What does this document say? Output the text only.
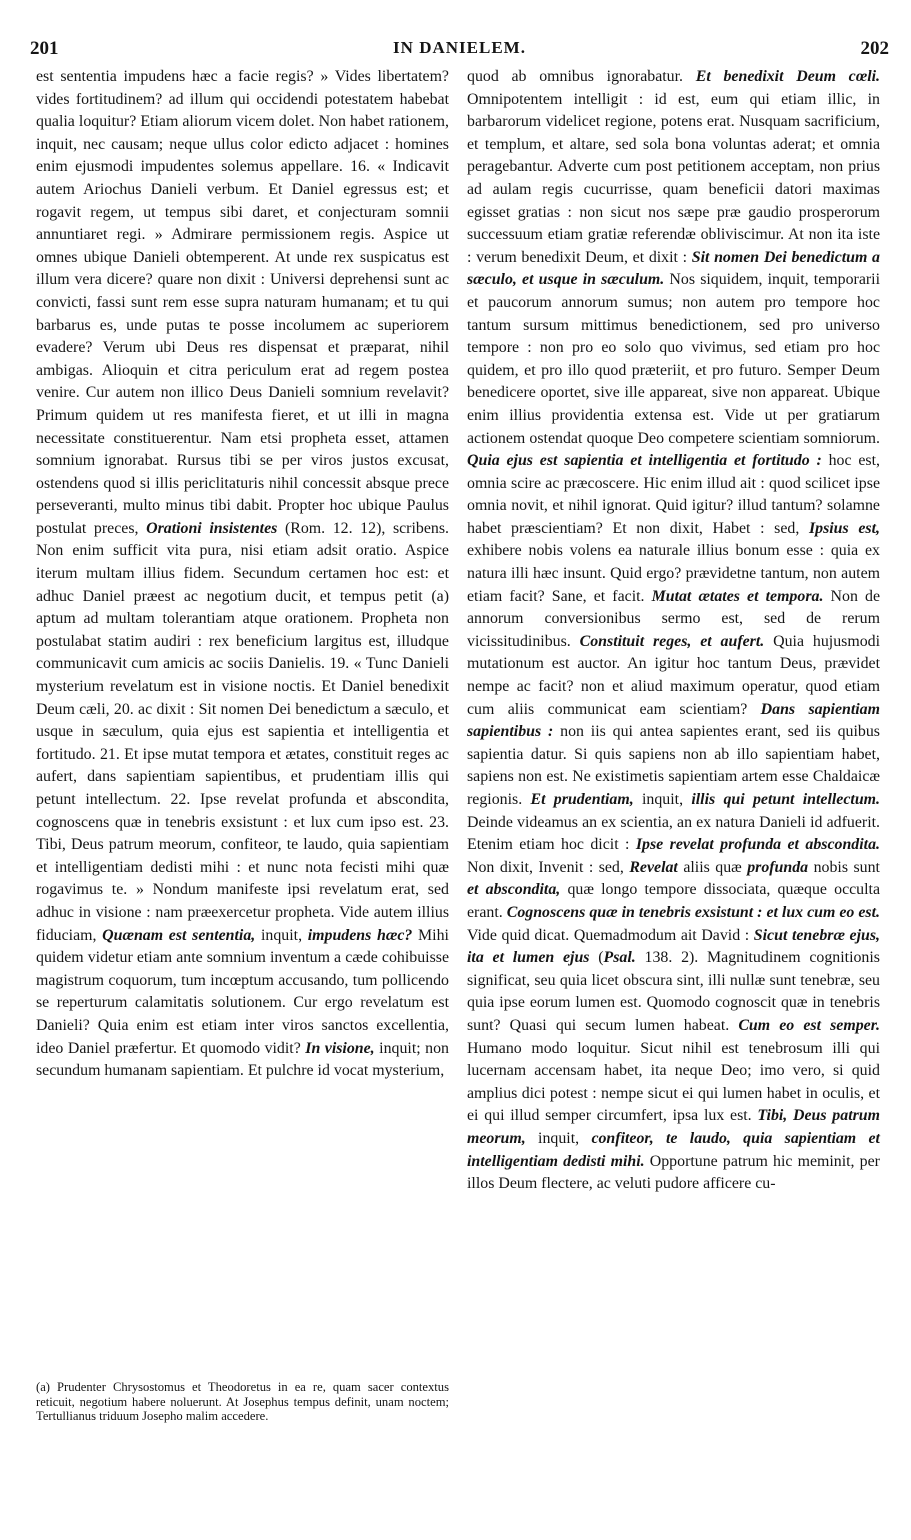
201	IN DANIELEM.	202

est sententia impudens hæc a facie regis? » Vides libertatem? vides fortitudinem? ad illum qui occidendi potestatem habebat qualia loquitur? Etiam aliorum vicem dolet. Non habet rationem, inquit, nec causam; neque ullus color edicto adjacet : homines enim ejusmodi impudentes solemus appellare. 16. « Indicavit autem Ariochus Danieli verbum. Et Daniel egressus est; et rogavit regem, ut tempus sibi daret, et conjecturam somnii annuntiaret regi. » Admirare permissionem regis. Aspice ut omnes ubique Danieli obtemperent. At unde rex suspicatus est illum vera dicere? quare non dixit : Universi deprehensi sunt ac convicti, fassi sunt rem esse supra naturam humanam; et tu qui barbarus es, unde putas te posse incolumem ac superiorem evadere? Verum ubi Deus res dispensat et præparat, nihil ambigas. Alioquin et citra periculum erat ad regem postea venire. Cur autem non illico Deus Danieli somnium revelavit? Primum quidem ut res manifesta fieret, et ut illi in magna necessitate constituerentur. Nam etsi propheta esset, attamen somnium ignorabat. Rursus tibi se per viros justos excusat, ostendens quod si illis periclitaturis nihil concessit absque prece perseveranti, multo minus tibi dabit. Propter hoc ubique Paulus postulat preces, Orationi insistentes (Rom. 12. 12), scribens. Non enim sufficit vita pura, nisi etiam adsit oratio. Aspice iterum multam illius fidem. Secundum certamen hoc est: et adhuc Daniel præest ac negotium ducit, et tempus petit (a) aptum ad multam tolerantiam atque orationem. Propheta non postulabat statim audiri : rex beneficium largitus est, illudque communicavit cum amicis ac sociis Danielis. 19. « Tunc Danieli mysterium revelatum est in visione noctis. Et Daniel benedixit Deum cæli, 20. ac dixit : Sit nomen Dei benedictum a sæculo, et usque in sæculum, quia ejus est sapientia et intelligentia et fortitudo. 21. Et ipse mutat tempora et ætates, constituit reges ac aufert, dans sapientiam sapientibus, et prudentiam illis qui petunt intellectum. 22. Ipse revelat profunda et abscondita, cognoscens quæ in tenebris exsistunt : et lux cum ipso est. 23. Tibi, Deus patrum meorum, confiteor, te laudo, quia sapientiam et intelligentiam dedisti mihi : et nunc nota fecisti mihi quæ rogavimus te. » Nondum manifeste ipsi revelatum erat, sed adhuc in visione : nam præexercetur propheta. Vide autem illius fiduciam, Quænam est sententia, inquit, impudens hæc? Mihi quidem videtur etiam ante somnium inventum a cæde cohibuisse magistrum coquorum, tum incœptum accusando, tum pollicendo se reperturum calamitatis solutionem. Cur ergo revelatum est Danieli? Quia enim est etiam inter viros sanctos excellentia, ideo Daniel præfertur. Et quomodo vidit? In visione, inquit; non secundum humanam sapientiam. Et pulchre id vocat mysterium,

(a) Prudenter Chrysostomus et Theodoretus in ea re, quam sacer contextus reticuit, negotium habere noluerunt. At Josephus tempus definit, unam noctem; Tertullianus triduum Josepho malim accedere.

quod ab omnibus ignorabatur. Et benedixit Deum cœli. Omnipotentem intelligit : id est, eum qui etiam illic, in barbarorum videlicet regione, potens erat. Nusquam sacrificium, et templum, et altare, sed sola bona voluntas aderat; et omnia peragebantur. Adverte cum post petitionem acceptam, non prius ad aulam regis cucurrisse, quam beneficii datori maximas egisset gratias : non sicut nos sæpe præ gaudio prosperorum successuum etiam gratiæ referendæ obliviscimur. At non ita iste : verum benedixit Deum, et dixit : Sit nomen Dei benedictum a sæculo, et usque in sæculum. Nos siquidem, inquit, temporarii et paucorum annorum sumus; non autem pro tempore hoc tantum sursum mittimus benedictionem, sed pro universo tempore : non pro eo solo quo vivimus, sed etiam pro hoc quidem, et pro illo quod præteriit, et pro futuro. Semper Deum benedicere oportet, sive ille appareat, sive non appareat. Ubique enim illius providentia extensa est. Vide ut per gratiarum actionem ostendat quoque Deo competere scientiam somniorum. Quia ejus est sapientia et intelligentia et fortitudo : hoc est, omnia scire ac præcoscere. Hic enim illud ait : quod scilicet ipse omnia novit, et nihil ignorat. Quid igitur? illud tantum? solamne habet præscientiam? Et non dixit, Habet : sed, Ipsius est, exhibere nobis volens ea naturale illius bonum esse : quia ex natura illi hæc insunt. Quid ergo? prævidetne tantum, non autem etiam facit? Sane, et facit. Mutat ætates et tempora. Non de annorum conversionibus sermo est, sed de rerum vicissitudinibus. Constituit reges, et aufert. Quia hujusmodi mutationum est auctor. An igitur hoc tantum Deus, prævidet nempe ac facit? non et aliud maximum operatur, quod etiam cum aliis communicat eam scientiam? Dans sapientiam sapientibus : non iis qui antea sapientes erant, sed iis quibus sapientia datur. Si quis sapiens non ab illo sapientiam habet, sapiens non est. Ne existimetis sapientiam artem esse Chaldaicæ regionis. Et prudentiam, inquit, illis qui petunt intellectum. Deinde videamus an ex scientia, an ex natura Danieli id adfuerit. Etenim etiam hoc dicit : Ipse revelat profunda et abscondita. Non dixit, Invenit : sed, Revelat aliis quæ profunda nobis sunt et abscondita, quæ longo tempore dissociata, quæque occulta erant. Cognoscens quæ in tenebris exsistunt : et lux cum eo est. Vide quid dicat. Quemadmodum ait David : Sicut tenebræ ejus, ita et lumen ejus (Psal. 138. 2). Magnitudinem cognitionis significat, seu quia licet obscura sint, illi nullæ sunt tenebræ, seu quia ipse eorum lumen est. Quomodo cognoscit quæ in tenebris sunt? Quasi qui secum lumen habeat. Cum eo est semper. Humano modo loquitur. Sicut nihil est tenebrosum illi qui lucernam accensam habet, ita neque Deo; imo vero, si quid amplius dici potest : nempe sicut ei qui lumen habet in oculis, et ei qui illud semper circumfert, ipsa lux est. Tibi, Deus patrum meorum, inquit, confiteor, te laudo, quia sapientiam et intelligentiam dedisti mihi. Opportune patrum hic meminit, per illos Deum flectere, ac veluti pudore afficere cu-
